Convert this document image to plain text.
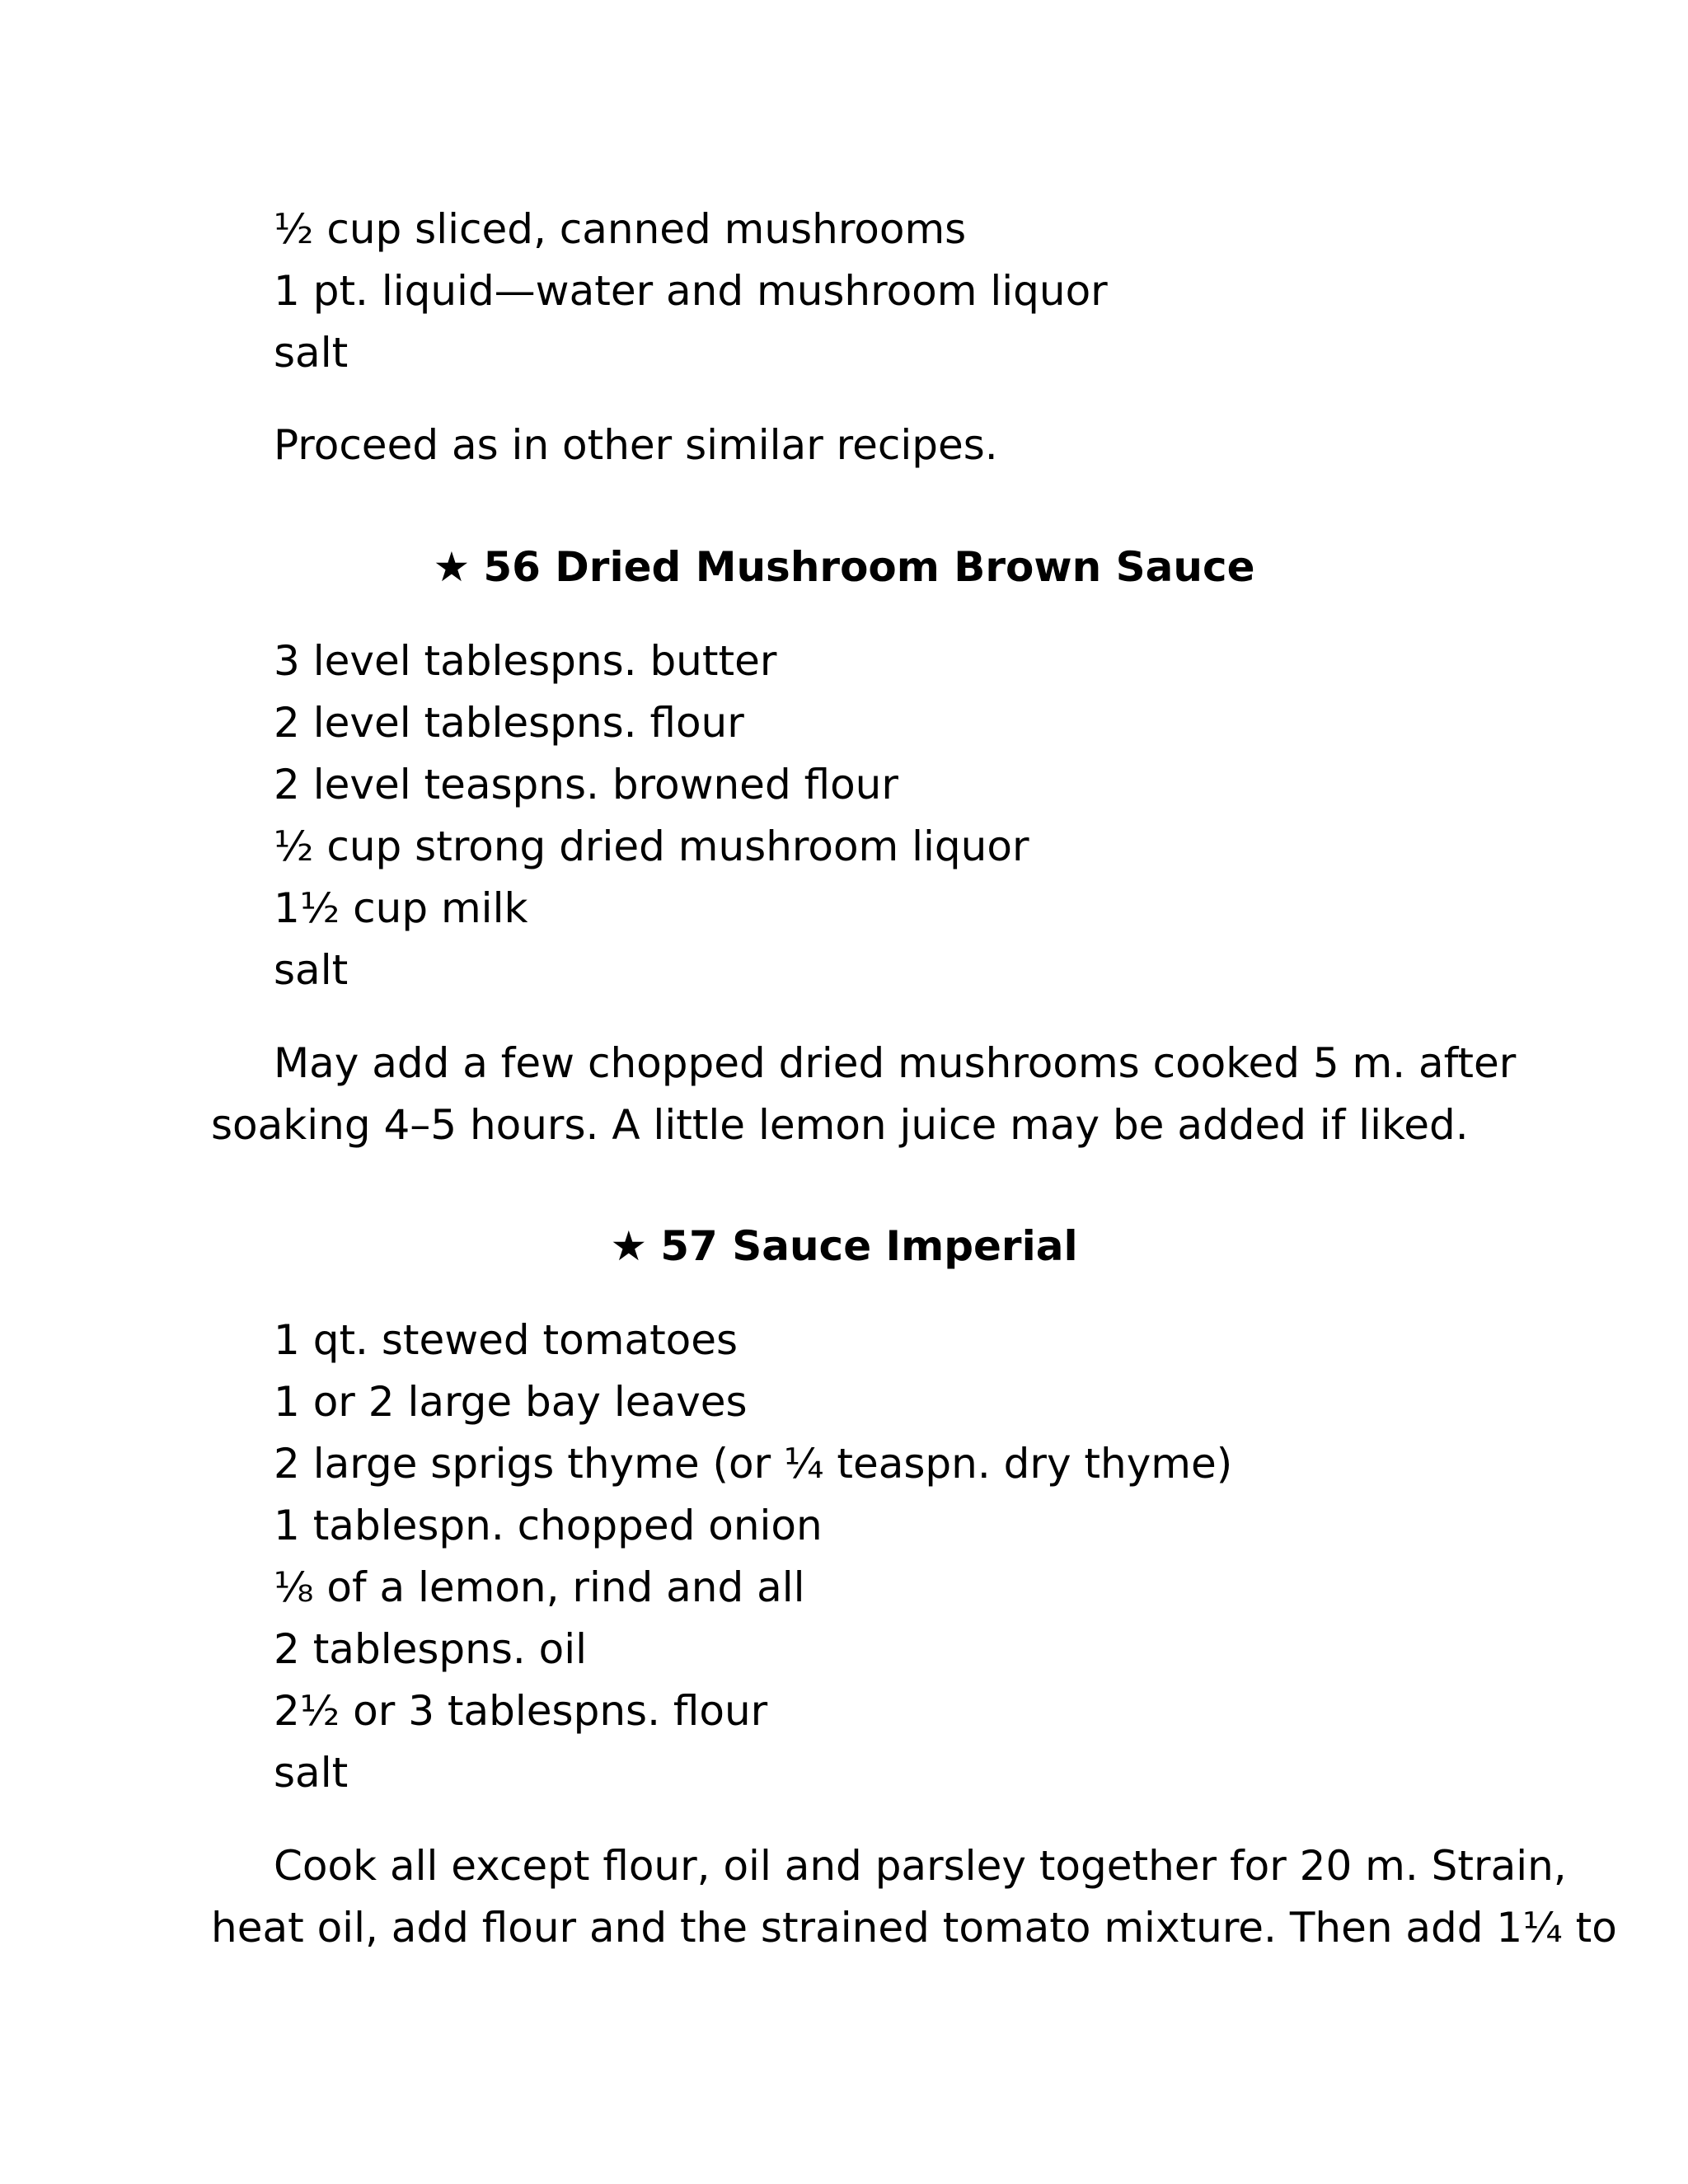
½ cup sliced, canned mushrooms
1 pt. liquid—water and mushroom liquor
salt
Proceed as in other similar recipes.
★ 56 Dried Mushroom Brown Sauce
3 level tablespns. butter
2 level tablespns. flour
2 level teaspns. browned flour
½ cup strong dried mushroom liquor
1½ cup milk
salt
May add a few chopped dried mushrooms cooked 5 m. after
soaking 4–5 hours. A little lemon juice may be added if liked.
★ 57 Sauce Imperial
1 qt. stewed tomatoes
1 or 2 large bay leaves
2 large sprigs thyme (or ¼ teaspn. dry thyme)
1 tablespn. chopped onion
⅛ of a lemon, rind and all
2 tablespns. oil
2½ or 3 tablespns. flour
salt
Cook all except flour, oil and parsley together for 20 m. Strain,
heat oil, add flour and the strained tomato mixture. Then add 1¼ to
